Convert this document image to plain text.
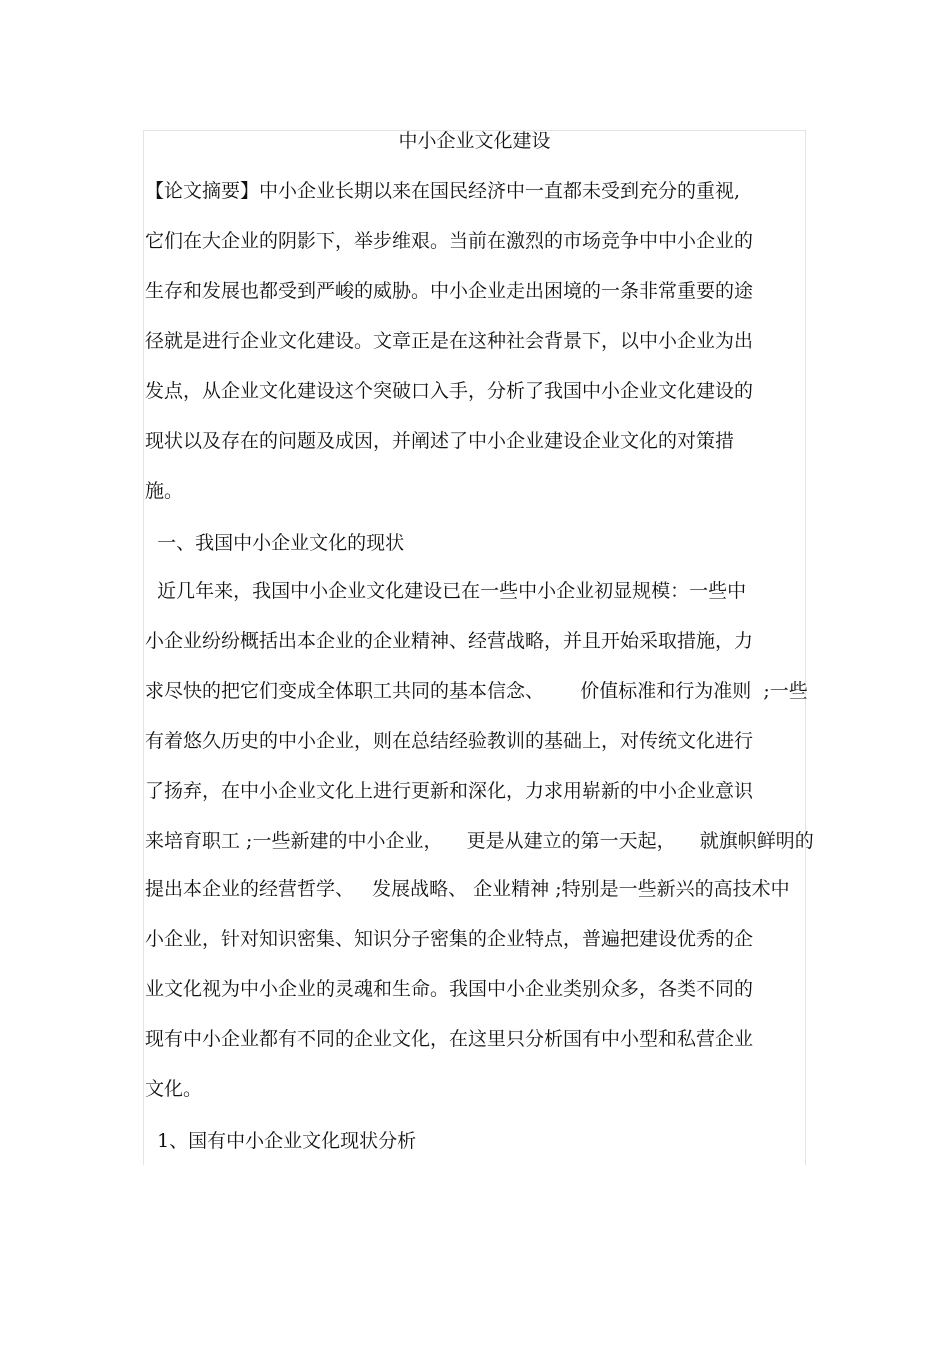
中小企业文化建设
【论文摘要】中小企业长期以来在国民经济中一直都未受到充分的重视,
它们在大企业的阴影下，举步维艰。当前在激烈的市场竞争中中小企业的
生存和发展也都受到严峻的威胁。中小企业走出困境的一条非常重要的途
径就是进行企业文化建设。文章正是在这种社会背景下，以中小企业为出
发点，从企业文化建设这个突破口入手，分析了我国中小企业文化建设的
现状以及存在的问题及成因，并阐述了中小企业建设企业文化的对策措
施。
一、我国中小企业文化的现状
近几年来，我国中小企业文化建设已在一些中小企业初显规模：一些中
小企业纷纷概括出本企业的企业精神、经营战略，并且开始采取措施，力
求尽快的把它们变成全体职工共同的基本信念、      价值标准和行为准则  ;一些
有着悠久历史的中小企业，则在总结经验教训的基础上，对传统文化进行
了扬弃，在中小企业文化上进行更新和深化，力求用崭新的中小企业意识
来培育职工 ;一些新建的中小企业，    更是从建立的第一天起，    就旗帜鲜明的
提出本企业的经营哲学、   发展战略、 企业精神 ;特别是一些新兴的高技术中
小企业，针对知识密集、知识分子密集的企业特点，普遍把建设优秀的企
业文化视为中小企业的灵魂和生命。我国中小企业类别众多，各类不同的
现有中小企业都有不同的企业文化，在这里只分析国有中小型和私营企业
文化。
1、国有中小企业文化现状分析
